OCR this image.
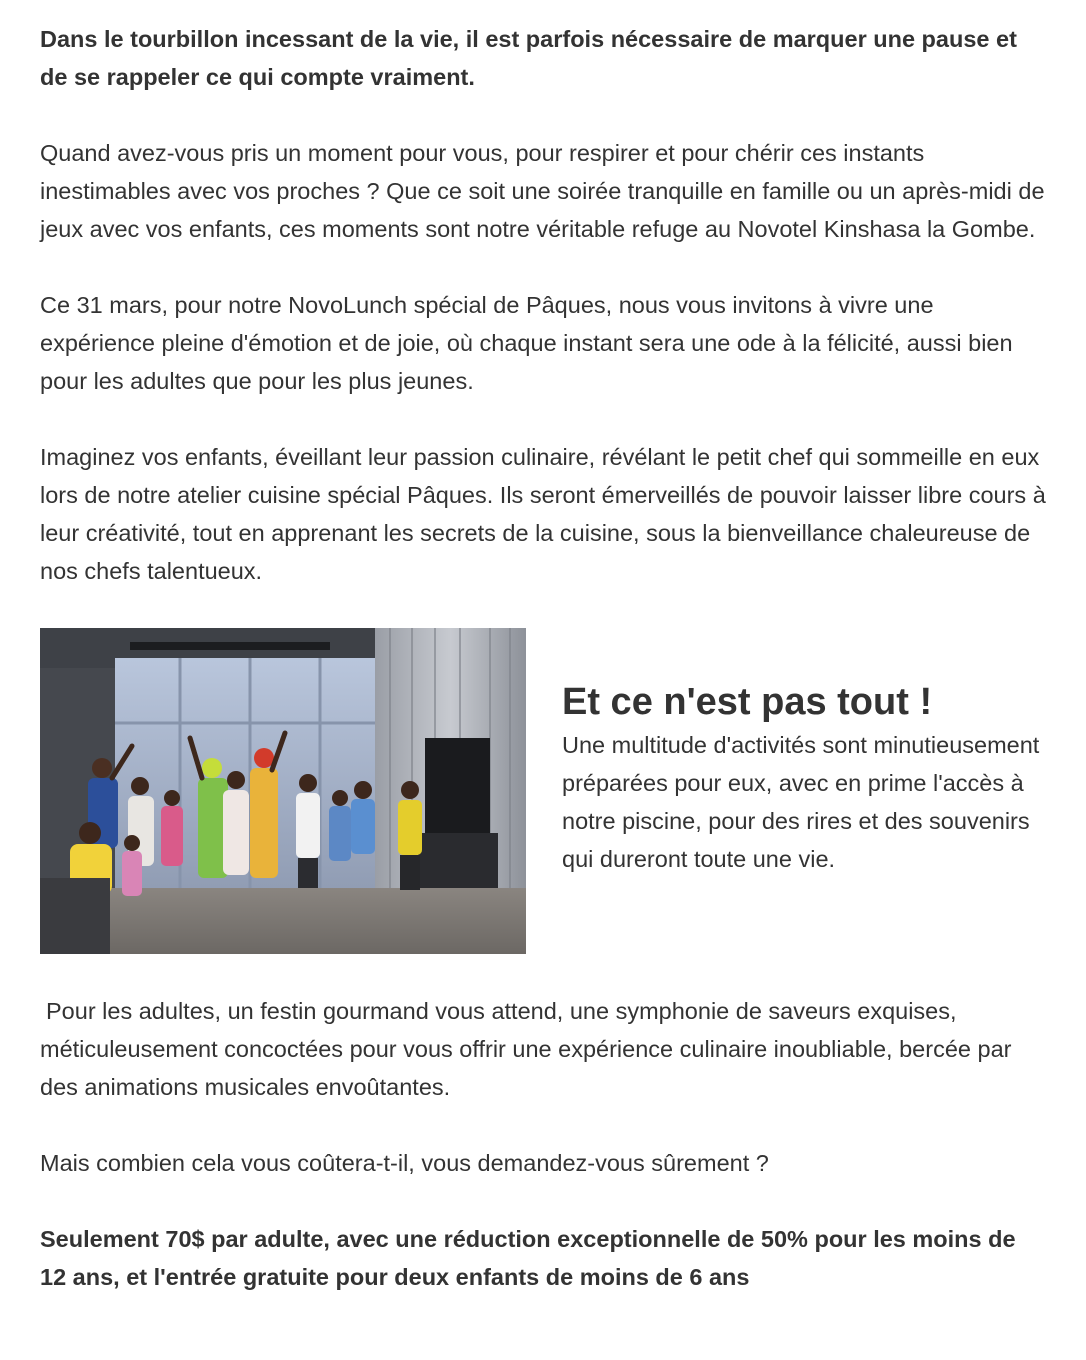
Dans le tourbillon incessant de la vie, il est parfois nécessaire de marquer une pause et de se rappeler ce qui compte vraiment.

Quand avez-vous pris un moment pour vous, pour respirer et pour chérir ces instants inestimables avec vos proches ? Que ce soit une soirée tranquille en famille ou un après-midi de jeux avec vos enfants, ces moments sont notre véritable refuge au Novotel Kinshasa la Gombe.

Ce 31 mars, pour notre NovoLunch spécial de Pâques, nous vous invitons à vivre une expérience pleine d'émotion et de joie, où chaque instant sera une ode à la félicité, aussi bien pour les adultes que pour les plus jeunes.

Imaginez vos enfants, éveillant leur passion culinaire, révélant le petit chef qui sommeille en eux lors de notre atelier cuisine spécial Pâques. Ils seront émerveillés de pouvoir laisser libre cours à leur créativité, tout en apprenant les secrets de la cuisine, sous la bienveillance chaleureuse de nos chefs talentueux.

Et ce n'est pas tout !

Une multitude d'activités sont minutieusement préparées pour eux, avec en prime l'accès à notre piscine, pour des rires et des souvenirs qui dureront toute une vie.

Pour les adultes, un festin gourmand vous attend, une symphonie de saveurs exquises, méticuleusement concoctées pour vous offrir une expérience culinaire inoubliable, bercée par des animations musicales envoûtantes.

Mais combien cela vous coûtera-t-il, vous demandez-vous sûrement ?

Seulement 70$ par adulte, avec une réduction exceptionnelle de 50% pour les moins de 12 ans, et l'entrée gratuite pour deux enfants de moins de 6 ans
